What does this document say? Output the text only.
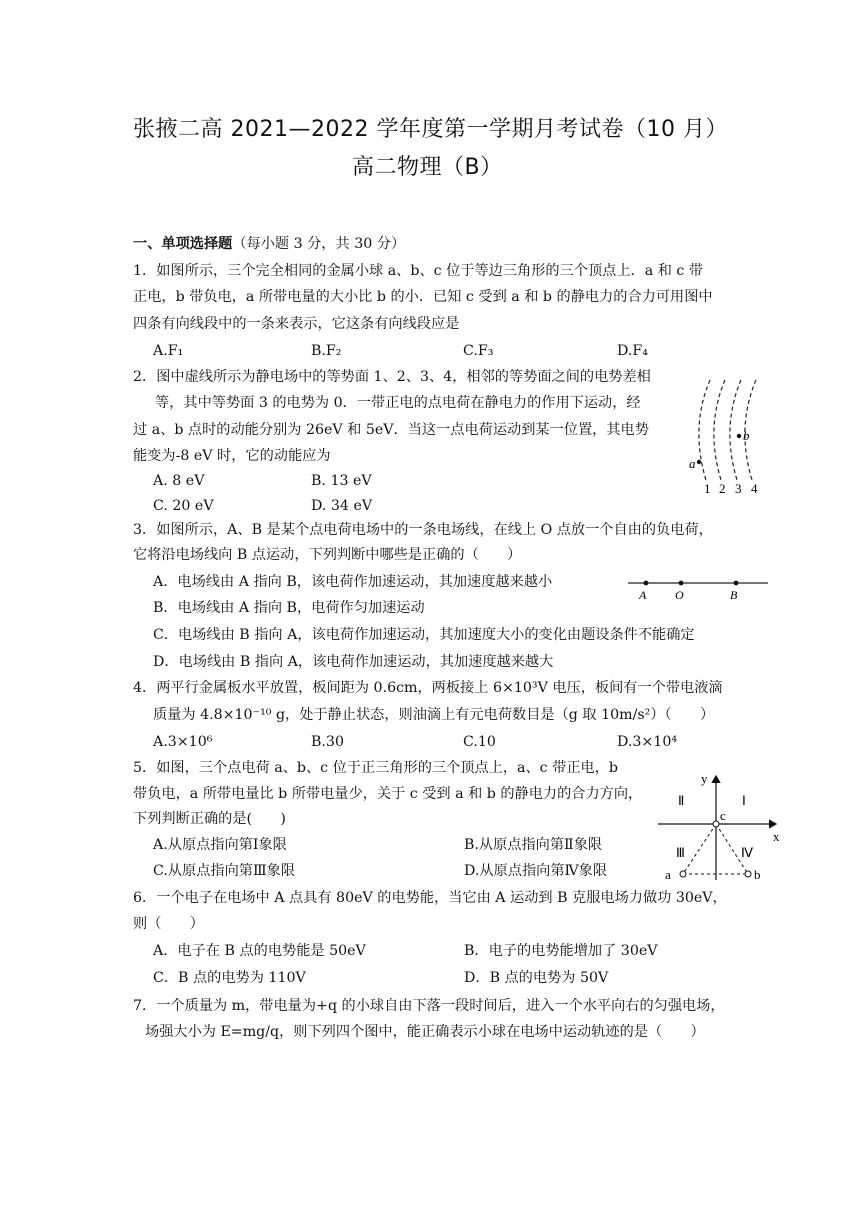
张掖二高 2021—2022 学年度第一学期月考试卷（10 月）
高二物理（B）
一、单项选择题（每小题 3 分，共 30 分）
1．如图所示，三个完全相同的金属小球 a、b、c 位于等边三角形的三个顶点上．a 和 c 带
正电，b 带负电，a 所带电量的大小比 b 的小．已知 c 受到 a 和 b 的静电力的合力可用图中
四条有向线段中的一条来表示，它这条有向线段应是
A.F₁	B.F₂	C.F₃	D.F₄
2．图中虚线所示为静电场中的等势面 1、2、3、4，相邻的等势面之间的电势差相
等，其中等势面 3 的电势为 0．一带正电的点电荷在静电力的作用下运动，经
过 a、b 点时的动能分别为 26eV 和 5eV．当这一点电荷运动到某一位置，其电势
能变为-8 eV 时，它的动能应为
A. 8 eV	B. 13 eV
C. 20 eV	D. 34 eV
a
b
1 2 3 4
3．如图所示，A、B 是某个点电荷电场中的一条电场线，在线上 O 点放一个自由的负电荷，
它将沿电场线向 B 点运动，下列判断中哪些是正确的（　　）
A．电场线由 A 指向 B，该电荷作加速运动，其加速度越来越小
B．电场线由 A 指向 B，电荷作匀加速运动
C．电场线由 B 指向 A，该电荷作加速运动，其加速度大小的变化由题设条件不能确定
D．电场线由 B 指向 A，该电荷作加速运动，其加速度越来越大
A O	B
4．两平行金属板水平放置，板间距为 0.6cm，两板接上 6×10³V 电压，板间有一个带电液滴
质量为 4.8×10⁻¹⁰ g，处于静止状态，则油滴上有元电荷数目是（g 取 10m/s²）（　　）
A.3×10⁶	B.30	C.10	D.3×10⁴
5．如图，三个点电荷 a、b、c 位于正三角形的三个顶点上，a、c 带正电，b
带负电，a 所带电量比 b 所带电量少，关于 c 受到 a 和 b 的静电力的合力方向，
下列判断正确的是(　　)
A.从原点指向第Ⅰ象限	B.从原点指向第Ⅱ象限
C.从原点指向第Ⅲ象限	D.从原点指向第Ⅳ象限
y
x
c
a	b
Ⅱ	Ⅰ
Ⅲ	Ⅳ
6．一个电子在电场中 A 点具有 80eV 的电势能，当它由 A 运动到 B 克服电场力做功 30eV，
则（　　）
A．电子在 B 点的电势能是 50eV	B．电子的电势能增加了 30eV
C．B 点的电势为 110V	D．B 点的电势为 50V
7．一个质量为 m，带电量为+q 的小球自由下落一段时间后，进入一个水平向右的匀强电场，
场强大小为 E=mg/q，则下列四个图中，能正确表示小球在电场中运动轨迹的是（　　）
